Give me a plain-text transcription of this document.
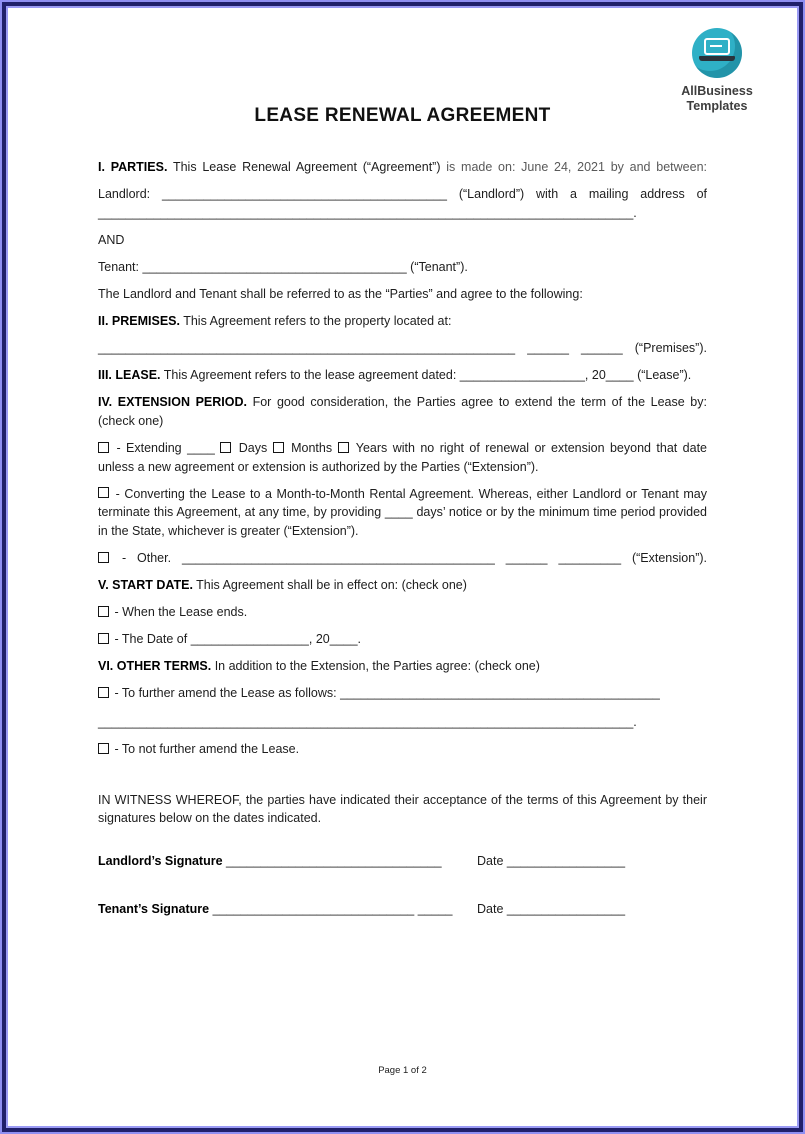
AllBusiness
Templates
LEASE RENEWAL AGREEMENT

I. PARTIES. This Lease Renewal Agreement (“Agreement”) is made on: June 24, 2021 by and between:

Landlord: _________________________________________ (“Landlord”) with a mailing address of _____________________________________________________________________________.

AND

Tenant: ______________________________________ (“Tenant”).

The Landlord and Tenant shall be referred to as the “Parties” and agree to the following:

II. PREMISES. This Agreement refers to the property located at:

____________________________________________________________ ______ ______ (“Premises”).

III. LEASE. This Agreement refers to the lease agreement dated: __________________, 20____ (“Lease”).

IV. EXTENSION PERIOD. For good consideration, the Parties agree to extend the term of the Lease by:

(check one)

- Extending ____ Days Months Years with no right of renewal or extension beyond that date unless a new agreement or extension is authorized by the Parties (“Extension”).

- Converting the Lease to a Month-to-Month Rental Agreement. Whereas, either Landlord or Tenant may terminate this Agreement, at any time, by providing ____ days’ notice or by the minimum time period provided in the State, whichever is greater (“Extension”).

- Other. _____________________________________________ ______ _________ (“Extension”).

V. START DATE. This Agreement shall be in effect on: (check one)

- When the Lease ends.

- The Date of _________________, 20____.

VI. OTHER TERMS. In addition to the Extension, the Parties agree: (check one)

- To further amend the Lease as follows: ______________________________________________

_____________________________________________________________________________.

- To not further amend the Lease.

IN WITNESS WHEREOF, the parties have indicated their acceptance of the terms of this Agreement by their signatures below on the dates indicated.

Landlord’s Signature _______________________________	Date _________________
Tenant’s Signature _____________________________ _____ Date _________________
Page 1 of 2
